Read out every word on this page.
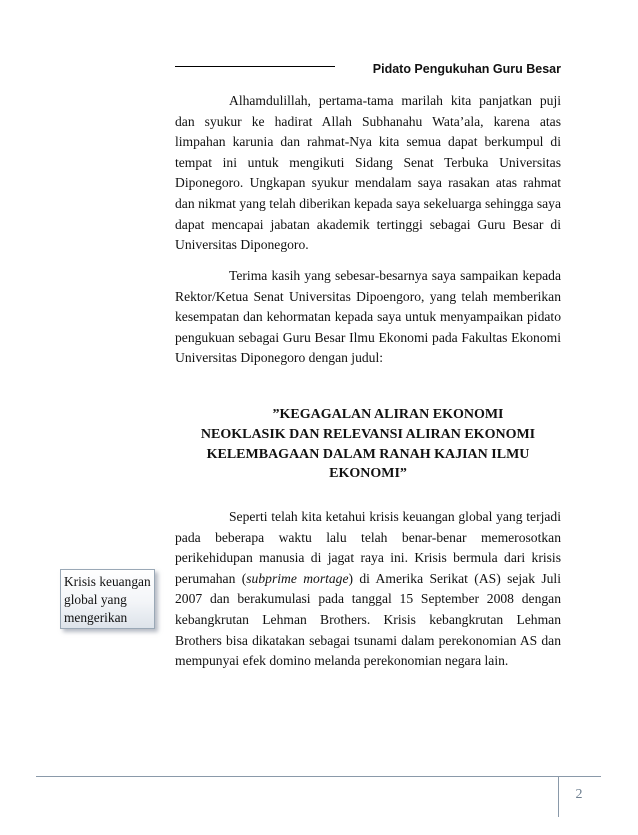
Pidato Pengukuhan Guru Besar

Alhamdulillah, pertama-tama marilah kita panjatkan puji dan syukur ke hadirat Allah Subhanahu Wata’ala, karena atas limpahan karunia dan rahmat-Nya kita semua dapat berkumpul di tempat ini untuk mengikuti Sidang Senat Terbuka Universitas Diponegoro. Ungkapan syukur mendalam saya rasakan atas rahmat dan nikmat yang telah diberikan kepada saya sekeluarga sehingga saya dapat mencapai jabatan akademik tertinggi sebagai Guru Besar di Universitas Diponegoro.

Terima kasih yang sebesar-besarnya saya sampaikan kepada Rektor/Ketua Senat Universitas Dipoengoro, yang telah memberikan kesempatan dan kehormatan kepada saya untuk menyampaikan pidato pengukuan sebagai Guru Besar Ilmu Ekonomi pada Fakultas Ekonomi Universitas Diponegoro dengan judul:

”KEGAGALAN ALIRAN EKONOMI
NEOKLASIK DAN RELEVANSI ALIRAN EKONOMI
KELEMBAGAAN DALAM RANAH KAJIAN ILMU
EKONOMI”

Seperti telah kita ketahui krisis keuangan global yang terjadi pada beberapa waktu lalu telah benar-benar memerosotkan perikehidupan manusia di jagat raya ini. Krisis bermula dari krisis perumahan (subprime mortage) di Amerika Serikat (AS) sejak Juli 2007 dan berakumulasi pada tanggal 15 September 2008 dengan kebangkrutan Lehman Brothers. Krisis kebangkrutan Lehman Brothers bisa dikatakan sebagai tsunami dalam perekonomian AS dan mempunyai efek domino melanda perekonomian negara lain.

Krisis keuangan global yang mengerikan
2
